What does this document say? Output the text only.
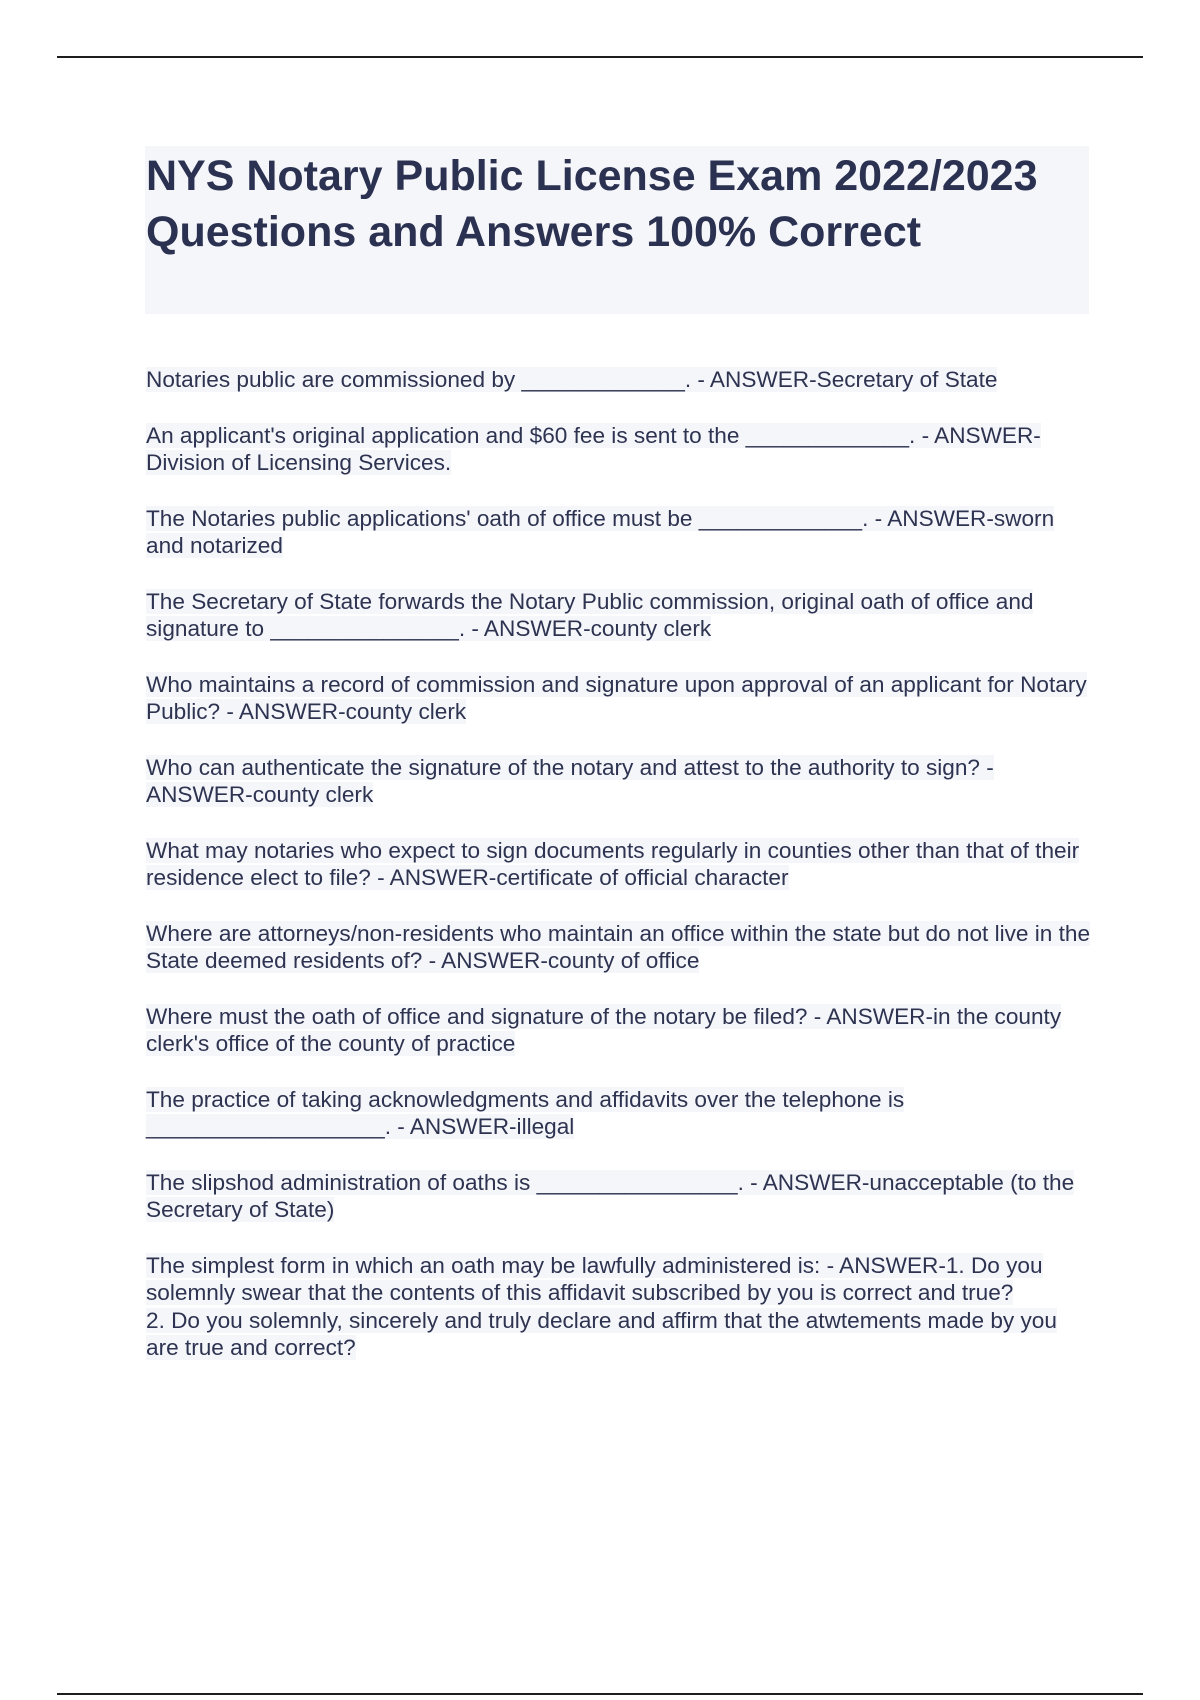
NYS Notary Public License Exam 2022/2023 Questions and Answers 100% Correct

Notaries public are commissioned by _____________. - ANSWER-Secretary of State

An applicant's original application and $60 fee is sent to the _____________. - ANSWER-Division of Licensing Services.

The Notaries public applications' oath of office must be _____________. - ANSWER-sworn and notarized

The Secretary of State forwards the Notary Public commission, original oath of office and signature to _______________. - ANSWER-county clerk

Who maintains a record of commission and signature upon approval of an applicant for Notary Public? - ANSWER-county clerk

Who can authenticate the signature of the notary and attest to the authority to sign? - ANSWER-county clerk

What may notaries who expect to sign documents regularly in counties other than that of their residence elect to file? - ANSWER-certificate of official character

Where are attorneys/non-residents who maintain an office within the state but do not live in the State deemed residents of? - ANSWER-county of office

Where must the oath of office and signature of the notary be filed? - ANSWER-in the county clerk's office of the county of practice

The practice of taking acknowledgments and affidavits over the telephone is ___________________. - ANSWER-illegal

The slipshod administration of oaths is ________________. - ANSWER-unacceptable (to the Secretary of State)

The simplest form in which an oath may be lawfully administered is: - ANSWER-1. Do you solemnly swear that the contents of this affidavit subscribed by you is correct and true?
2. Do you solemnly, sincerely and truly declare and affirm that the atwtements made by you are true and correct?
